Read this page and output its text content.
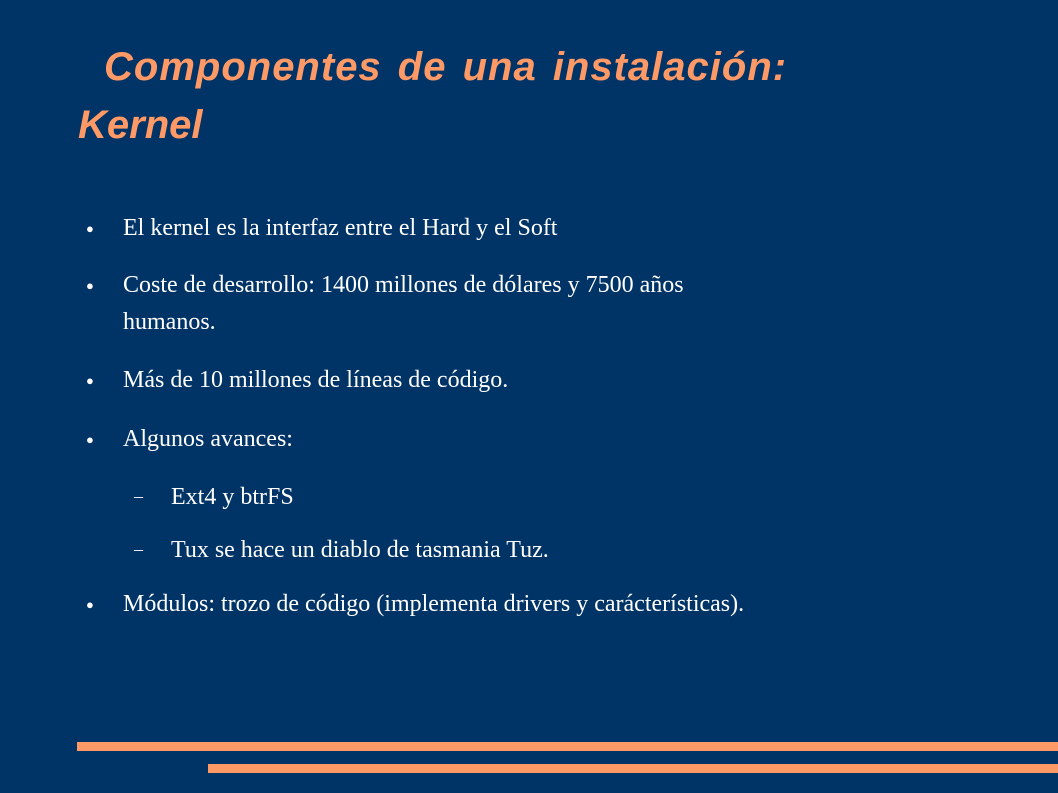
Componentes de una instalación:
Kernel
● El kernel es la interfaz entre el Hard y el Soft
● Coste de desarrollo: 1400 millones de dólares y 7500 años
humanos.
● Más de 10 millones de líneas de código.
● Algunos avances:
– Ext4 y btrFS
– Tux se hace un diablo de tasmania Tuz.
● Módulos: trozo de código (implementa drivers y carácterísticas).
